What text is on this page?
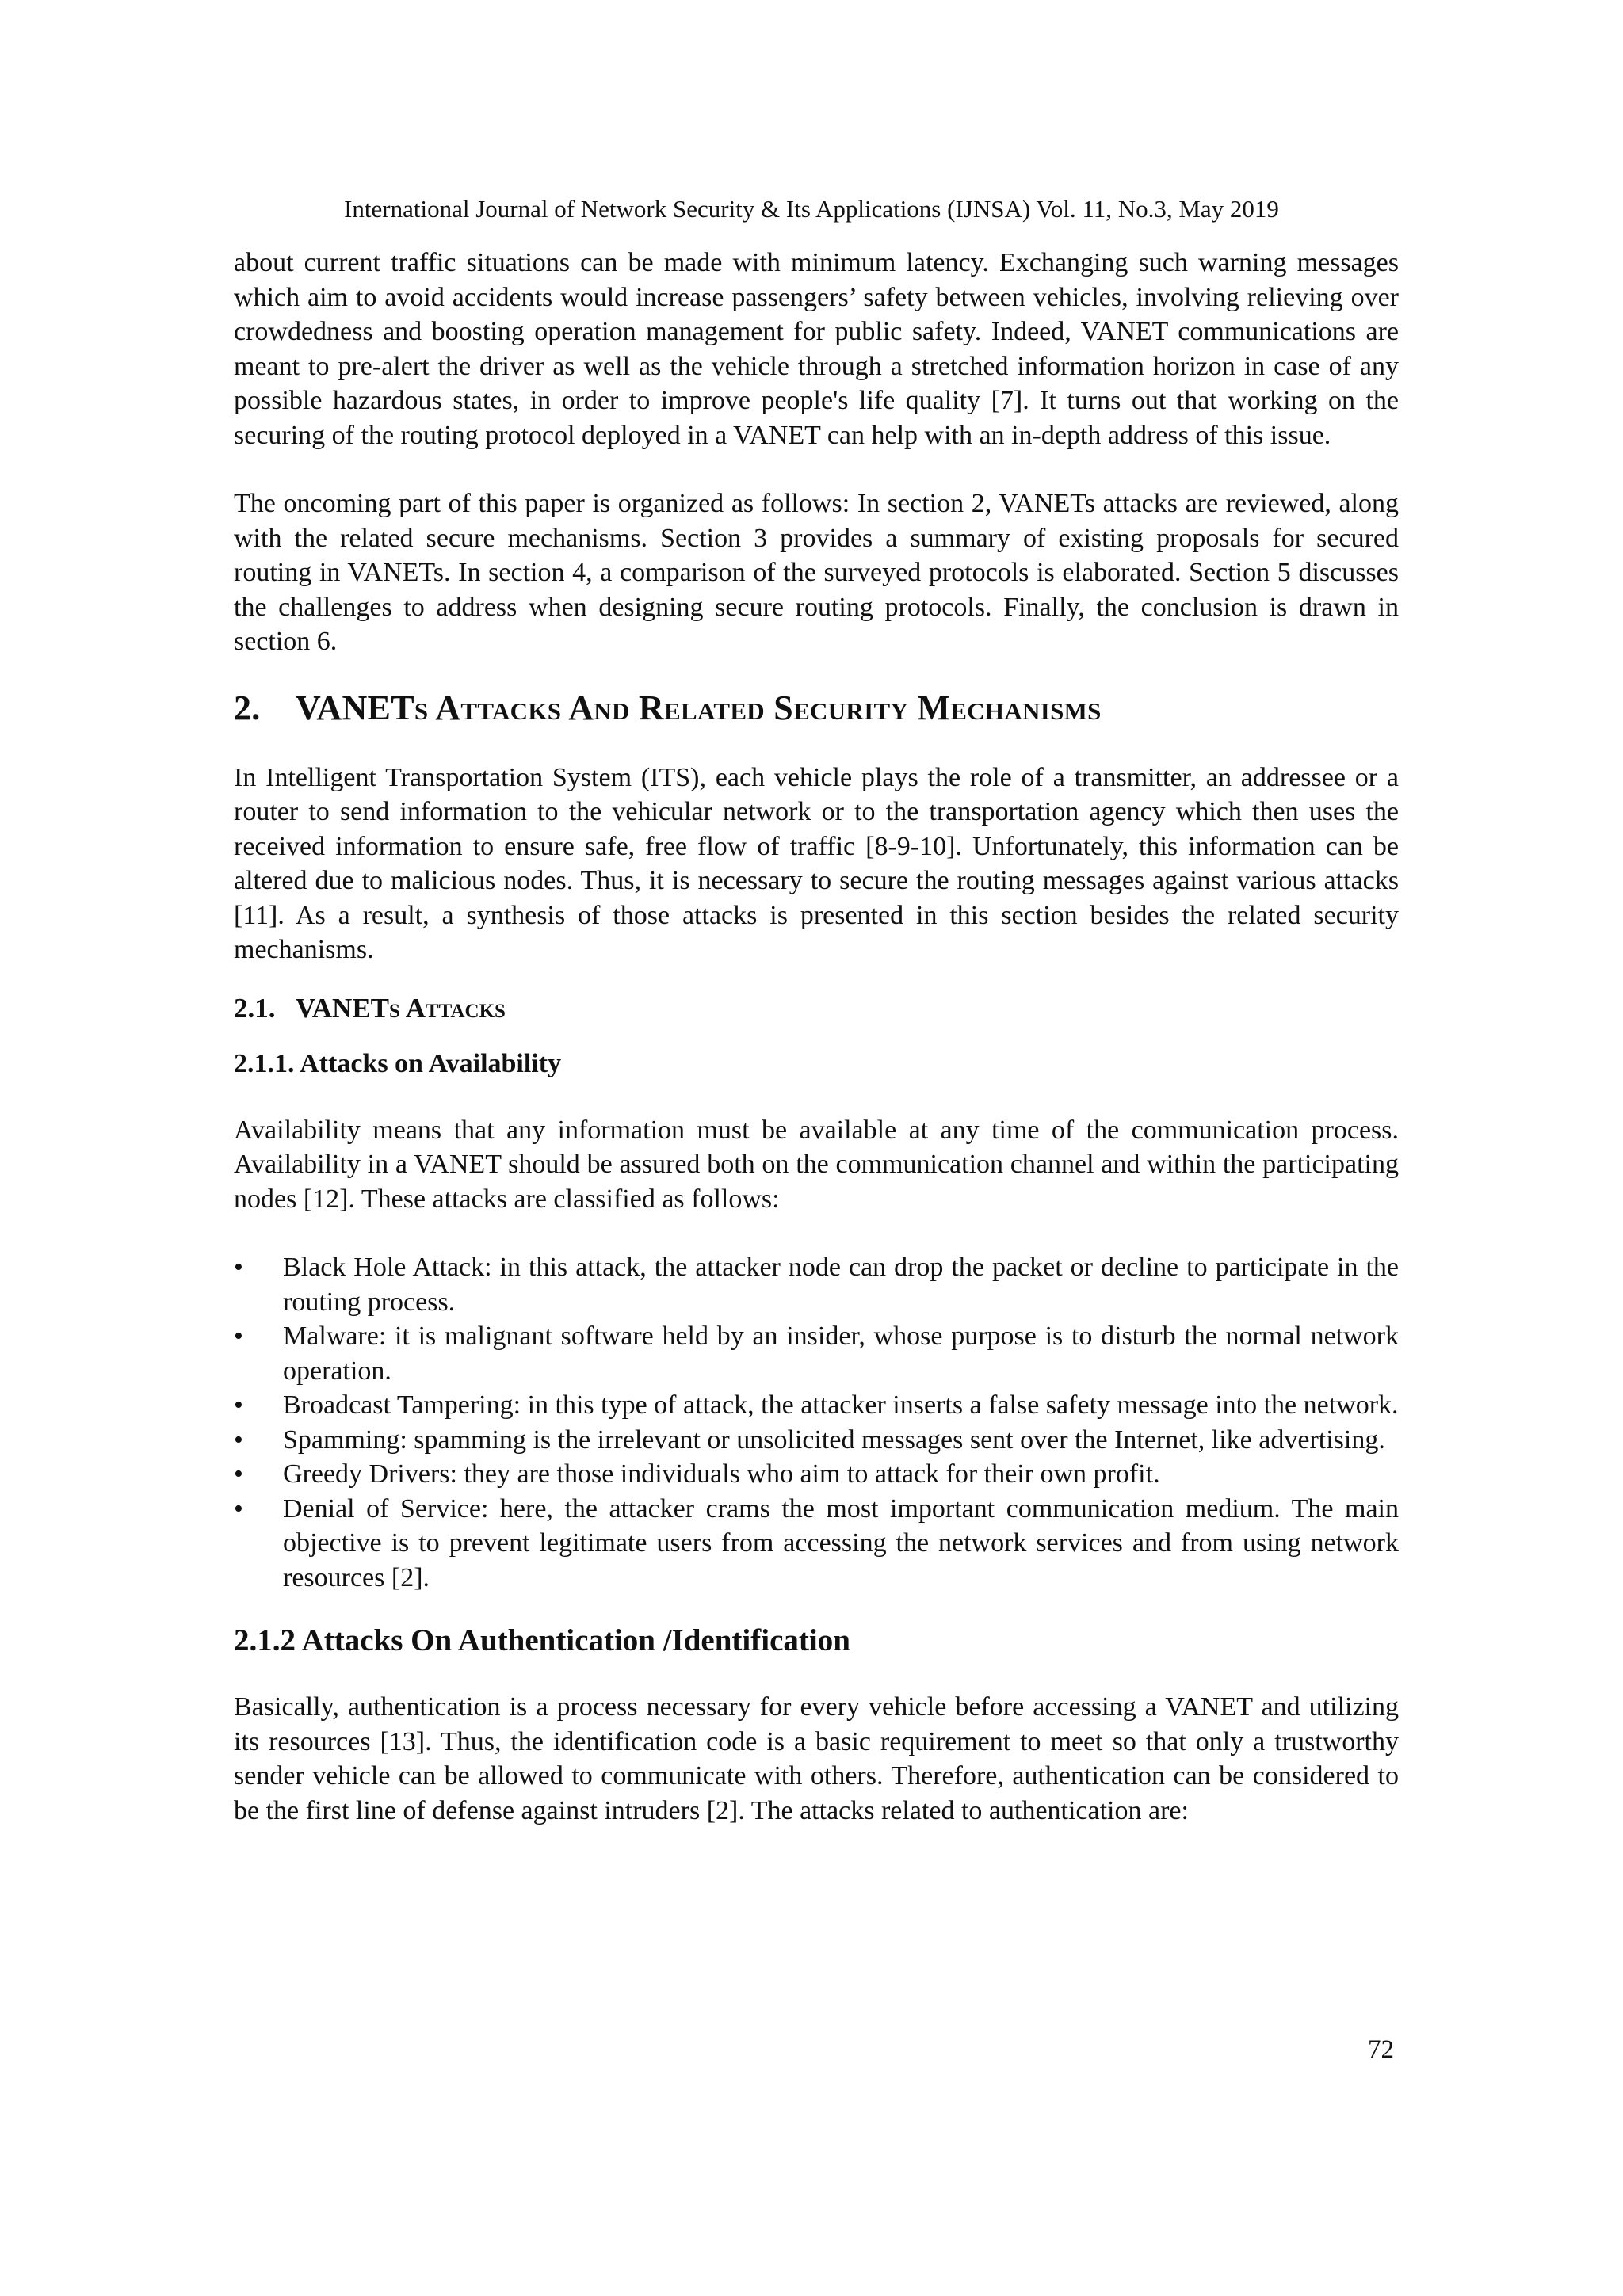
International Journal of Network Security & Its Applications (IJNSA) Vol. 11, No.3, May 2019

about current traffic situations can be made with minimum latency. Exchanging such warning messages which aim to avoid accidents would increase passengers’ safety between vehicles, involving relieving over crowdedness and boosting operation management for public safety. Indeed, VANET communications are meant to pre-alert the driver as well as the vehicle through a stretched information horizon in case of any possible hazardous states, in order to improve people's life quality [7]. It turns out that working on the securing of the routing protocol deployed in a VANET can help with an in-depth address of this issue.

The oncoming part of this paper is organized as follows: In section 2, VANETs attacks are reviewed, along with the related secure mechanisms. Section 3 provides a summary of existing proposals for secured routing in VANETs. In section 4, a comparison of the surveyed protocols is elaborated. Section 5 discusses the challenges to address when designing secure routing protocols. Finally, the conclusion is drawn in section 6.

2. VANETs Attacks And Related Security Mechanisms

In Intelligent Transportation System (ITS), each vehicle plays the role of a transmitter, an addressee or a router to send information to the vehicular network or to the transportation agency which then uses the received information to ensure safe, free flow of traffic [8-9-10]. Unfortunately, this information can be altered due to malicious nodes. Thus, it is necessary to secure the routing messages against various attacks [11]. As a result, a synthesis of those attacks is presented in this section besides the related security mechanisms.

2.1. VANETs Attacks
2.1.1. Attacks on Availability

Availability means that any information must be available at any time of the communication process. Availability in a VANET should be assured both on the communication channel and within the participating nodes [12]. These attacks are classified as follows:

•	Black Hole Attack: in this attack, the attacker node can drop the packet or decline to participate in the routing process.
•	Malware: it is malignant software held by an insider, whose purpose is to disturb the normal network operation.
•	Broadcast Tampering: in this type of attack, the attacker inserts a false safety message into the network.
•	Spamming: spamming is the irrelevant or unsolicited messages sent over the Internet, like advertising.
•	Greedy Drivers: they are those individuals who aim to attack for their own profit.
•	Denial of Service: here, the attacker crams the most important communication medium. The main objective is to prevent legitimate users from accessing the network services and from using network resources [2].
2.1.2 Attacks On Authentication /Identification

Basically, authentication is a process necessary for every vehicle before accessing a VANET and utilizing its resources [13]. Thus, the identification code is a basic requirement to meet so that only a trustworthy sender vehicle can be allowed to communicate with others. Therefore, authentication can be considered to be the first line of defense against intruders [2]. The attacks related to authentication are:

72
